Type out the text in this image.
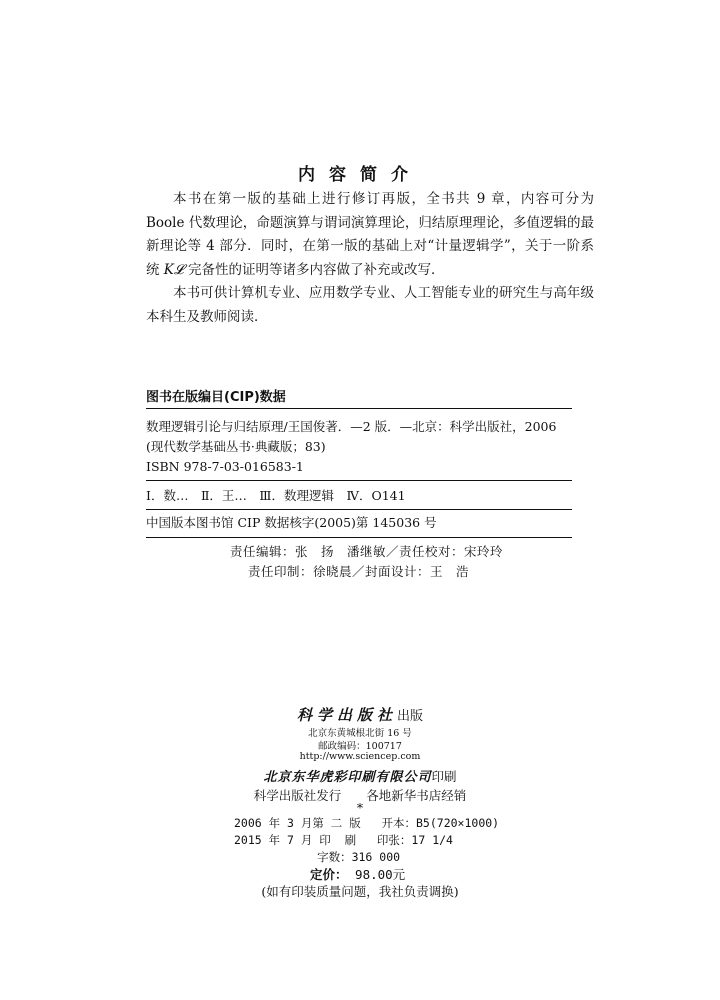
内容简介

本书在第一版的基础上进行修订再版，全书共 9 章，内容可分为 Boole 代数理论，命题演算与谓词演算理论，归结原理理论，多值逻辑的最新理论等 4 部分．同时，在第一版的基础上对“计量逻辑学”，关于一阶系统 K𝓛 完备性的证明等诸多内容做了补充或改写．

本书可供计算机专业、应用数学专业、人工智能专业的研究生与高年级本科生及教师阅读．

图书在版编目(CIP)数据
数理逻辑引论与归结原理/王国俊著．—2 版．—北京：科学出版社，2006
(现代数学基础丛书·典藏版；83)
ISBN 978-7-03-016583-1
Ⅰ．数…　Ⅱ．王…　Ⅲ．数理逻辑　Ⅳ．O141
中国版本图书馆 CIP 数据核字(2005)第 145036 号
责任编辑：张　扬　潘继敏／责任校对：宋玲玲
责任印制：徐晓晨／封面设计：王　浩
科学出版社出版
北京东黄城根北街 16 号
邮政编码：100717
http://www.sciencep.com
北京东华虎彩印刷有限公司印刷
科学出版社发行　　各地新华书店经销
*
2006 年 3 月第 二 版   开本：B5(720×1000)
2015 年 7 月 印  刷   印张：17 1/4
字数：316 000
定价： 98.00元
(如有印装质量问题，我社负责调换)
